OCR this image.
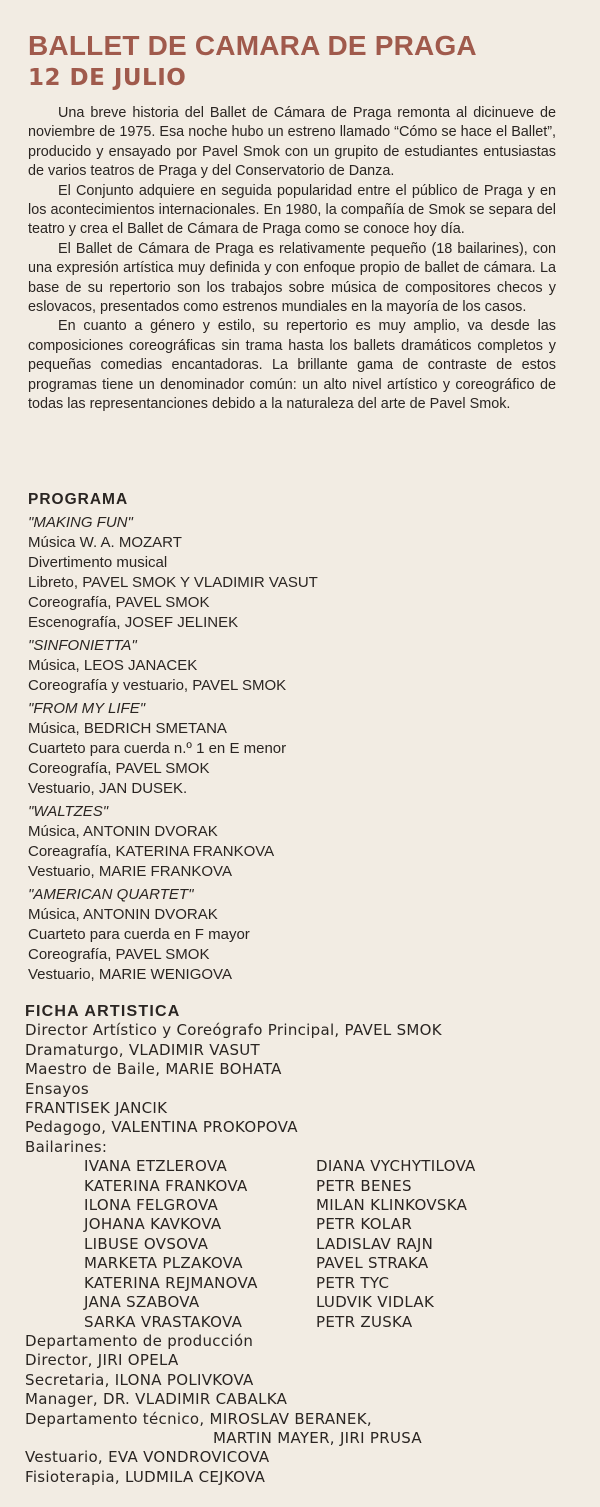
BALLET DE CAMARA DE PRAGA
12 DE JULIO

Una breve historia del Ballet de Cámara de Praga remonta al dicinueve de noviembre de 1975. Esa noche hubo un estreno llamado “Cómo se hace el Ballet”, producido y ensayado por Pavel Smok con un grupito de estudiantes entusiastas de varios teatros de Praga y del Conservatorio de Danza.

El Conjunto adquiere en seguida popularidad entre el público de Praga y en los acontecimientos internacionales. En 1980, la compañía de Smok se separa del teatro y crea el Ballet de Cámara de Praga como se conoce hoy día.

El Ballet de Cámara de Praga es relativamente pequeño (18 bailarines), con una expresión artística muy definida y con enfoque propio de ballet de cámara. La base de su repertorio son los trabajos sobre música de compositores checos y eslovacos, presentados como estrenos mundiales en la mayoría de los casos.

En cuanto a género y estilo, su repertorio es muy amplio, va desde las composiciones coreográficas sin trama hasta los ballets dramáticos completos y pequeñas comedias encantadoras. La brillante gama de contraste de estos programas tiene un denominador común: un alto nivel artístico y coreográfico de todas las representanciones debido a la naturaleza del arte de Pavel Smok.

PROGRAMA
"MAKING FUN"
Música W. A. MOZART
Divertimento musical
Libreto, PAVEL SMOK Y VLADIMIR VASUT
Coreografía, PAVEL SMOK
Escenografía, JOSEF JELINEK
"SINFONIETTA"
Música, LEOS JANACEK
Coreografía y vestuario, PAVEL SMOK
"FROM MY LIFE"
Música, BEDRICH SMETANA
Cuarteto para cuerda n.º 1 en E menor
Coreografía, PAVEL SMOK
Vestuario, JAN DUSEK.
"WALTZES"
Música, ANTONIN DVORAK
Coreagrafía, KATERINA FRANKOVA
Vestuario, MARIE FRANKOVA
"AMERICAN QUARTET"
Música, ANTONIN DVORAK
Cuarteto para cuerda en F mayor
Coreografía, PAVEL SMOK
Vestuario, MARIE WENIGOVA
FICHA ARTISTICA
Director Artístico y Coreógrafo Principal, PAVEL SMOK
Dramaturgo, VLADIMIR VASUT
Maestro de Baile, MARIE BOHATA
Ensayos
FRANTISEK JANCIK
Pedagogo, VALENTINA PROKOPOVA
Bailarines:
IVANA ETZLEROVA	DIANA VYCHYTILOVA
KATERINA FRANKOVA	PETR BENES
ILONA FELGROVA	MILAN KLINKOVSKA
JOHANA KAVKOVA	PETR KOLAR
LIBUSE OVSOVA	LADISLAV RAJN
MARKETA PLZAKOVA	PAVEL STRAKA
KATERINA REJMANOVA	PETR TYC
JANA SZABOVA	LUDVIK VIDLAK
SARKA VRASTAKOVA	PETR ZUSKA
Departamento de producción
Director, JIRI OPELA
Secretaria, ILONA POLIVKOVA
Manager, DR. VLADIMIR CABALKA
Departamento técnico, MIROSLAV BERANEK,
MARTIN MAYER, JIRI PRUSA
Vestuario, EVA VONDROVICOVA
Fisioterapia, LUDMILA CEJKOVA
